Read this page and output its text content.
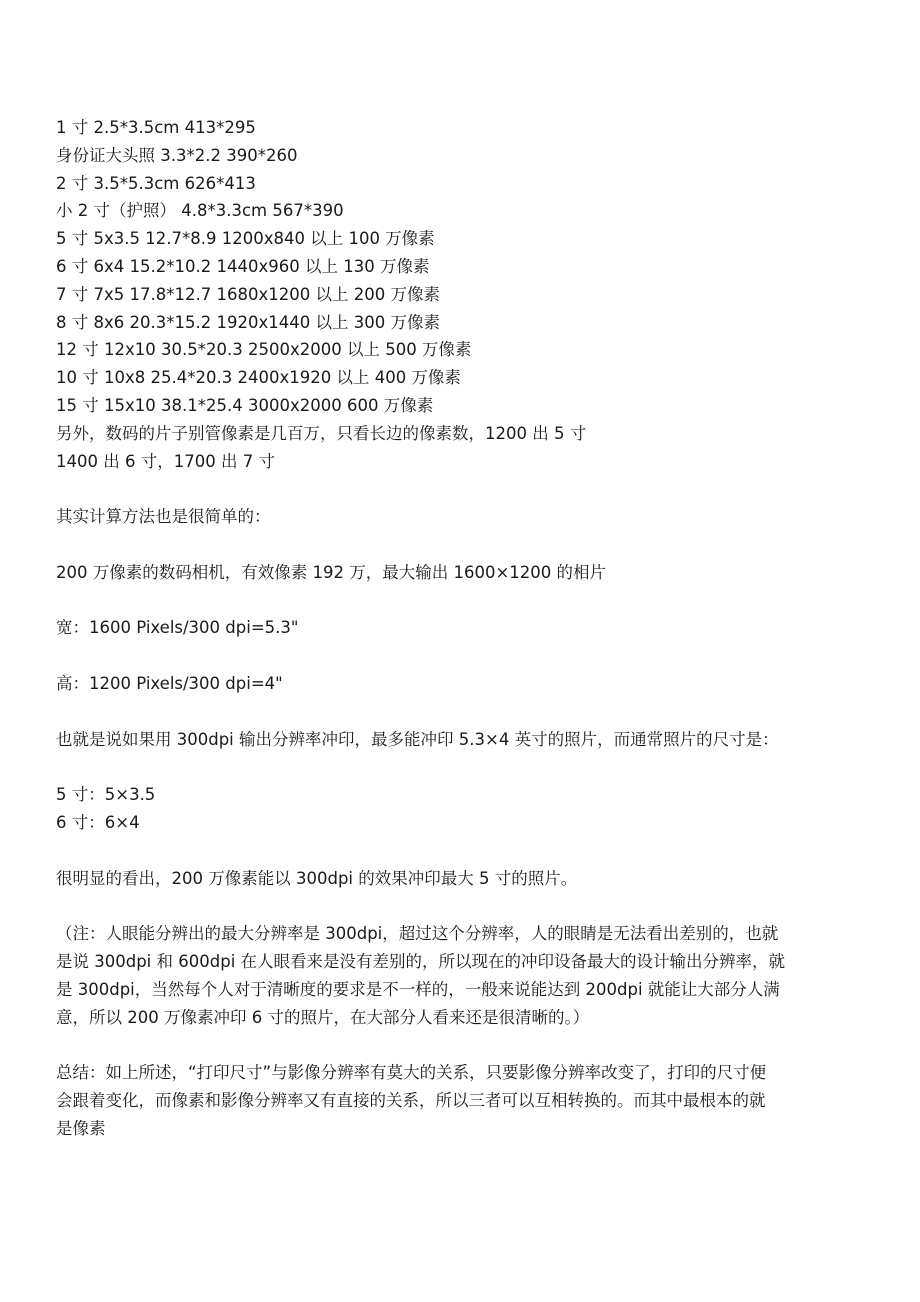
1 寸 2.5*3.5cm 413*295
身份证大头照 3.3*2.2 390*260
2 寸 3.5*5.3cm 626*413
小 2 寸（护照） 4.8*3.3cm 567*390
5 寸 5x3.5 12.7*8.9 1200x840 以上 100 万像素
6 寸 6x4 15.2*10.2 1440x960 以上 130 万像素
7 寸 7x5 17.8*12.7 1680x1200 以上 200 万像素
8 寸 8x6 20.3*15.2 1920x1440 以上 300 万像素
12 寸 12x10 30.5*20.3 2500x2000 以上 500 万像素
10 寸 10x8 25.4*20.3 2400x1920 以上 400 万像素
15 寸 15x10 38.1*25.4 3000x2000 600 万像素
另外，数码的片子别管像素是几百万，只看长边的像素数，1200 出 5 寸
1400 出 6 寸，1700 出 7 寸
其实计算方法也是很简单的：
200 万像素的数码相机，有效像素 192 万，最大输出 1600×1200 的相片
宽：1600 Pixels/300 dpi=5.3"
高：1200 Pixels/300 dpi=4"
也就是说如果用 300dpi 输出分辨率冲印，最多能冲印 5.3×4 英寸的照片，而通常照片的尺寸是：
5 寸：5×3.5
6 寸：6×4
很明显的看出，200 万像素能以 300dpi 的效果冲印最大 5 寸的照片。
（注：人眼能分辨出的最大分辨率是 300dpi，超过这个分辨率，人的眼睛是无法看出差别的，也就
是说 300dpi 和 600dpi 在人眼看来是没有差别的，所以现在的冲印设备最大的设计输出分辨率，就
是 300dpi，当然每个人对于清晰度的要求是不一样的，一般来说能达到 200dpi 就能让大部分人满
意，所以 200 万像素冲印 6 寸的照片，在大部分人看来还是很清晰的。）
总结：如上所述，“打印尺寸”与影像分辨率有莫大的关系，只要影像分辨率改变了，打印的尺寸便
会跟着变化，而像素和影像分辨率又有直接的关系，所以三者可以互相转换的。而其中最根本的就
是像素
